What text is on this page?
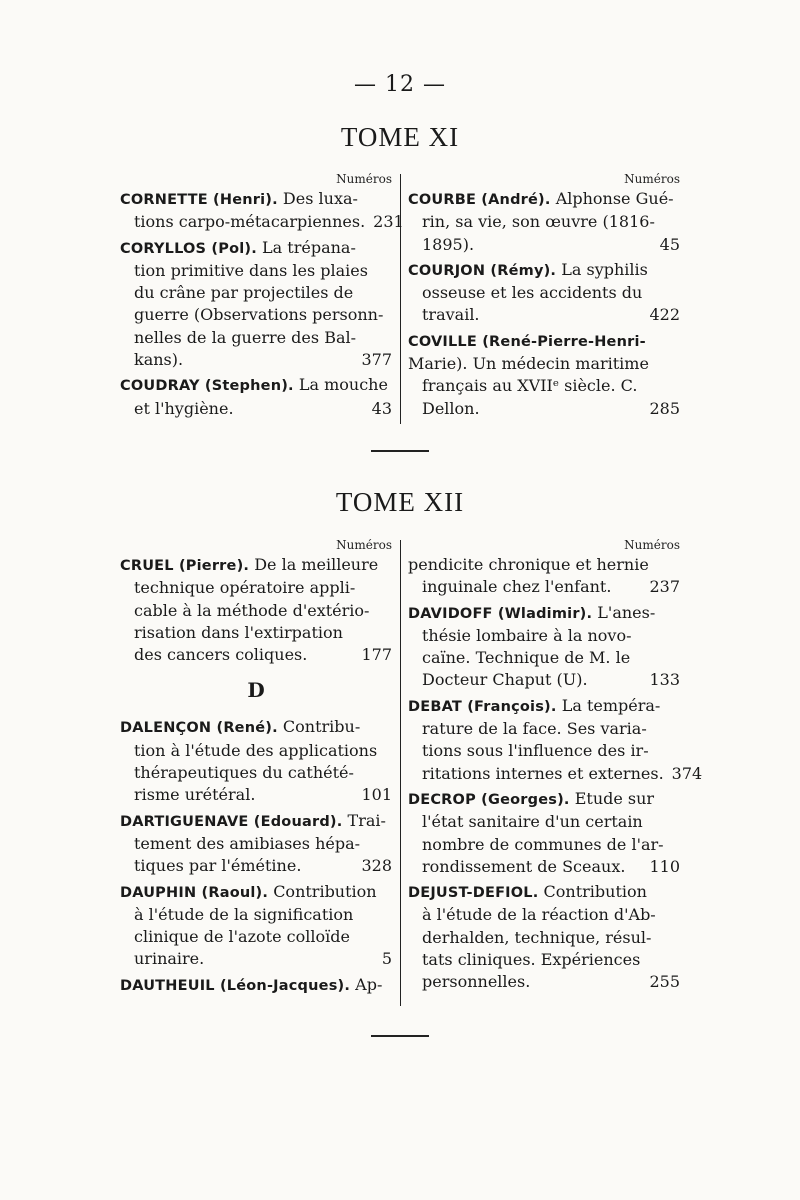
— 12 —
TOME XI
Numéros
CORNETTE (Henri). Des luxa-
tions carpo-métacarpiennes. 231
CORYLLOS (Pol). La trépana-
tion primitive dans les plaies
du crâne par projectiles de
guerre (Observations personn-
nelles de la guerre des Bal-
kans).	377
COUDRAY (Stephen). La mouche
et l'hygiène.	43
Numéros
COURBE (André). Alphonse Gué-
rin, sa vie, son œuvre (1816-
1895).	45
COURJON (Rémy). La syphilis
osseuse et les accidents du
travail.	422
COVILLE (René-Pierre-Henri-
Marie). Un médecin maritime
français au XVIIᵉ siècle. C.
Dellon.	285
TOME XII
Numéros
CRUEL (Pierre). De la meilleure
technique opératoire appli-
cable à la méthode d'extério-
risation dans l'extirpation
des cancers coliques.	177
D
DALENÇON (René). Contribu-
tion à l'étude des applications
thérapeutiques du cathété-
risme urétéral.	101
DARTIGUENAVE (Edouard). Trai-
tement des amibiases hépa-
tiques par l'émétine.	328
DAUPHIN (Raoul). Contribution
à l'étude de la signification
clinique de l'azote colloïde
urinaire.	5
DAUTHEUIL (Léon-Jacques). Ap-
Numéros
pendicite chronique et hernie
inguinale chez l'enfant.	237
DAVIDOFF (Wladimir). L'anes-
thésie lombaire à la novo-
caïne. Technique de M. le
Docteur Chaput (U).	133
DEBAT (François). La tempéra-
rature de la face. Ses varia-
tions sous l'influence des ir-
ritations internes et externes. 374
DECROP (Georges). Etude sur
l'état sanitaire d'un certain
nombre de communes de l'ar-
rondissement de Sceaux.	110
DEJUST-DEFIOL. Contribution
à l'étude de la réaction d'Ab-
derhalden, technique, résul-
tats cliniques. Expériences
personnelles.	255
